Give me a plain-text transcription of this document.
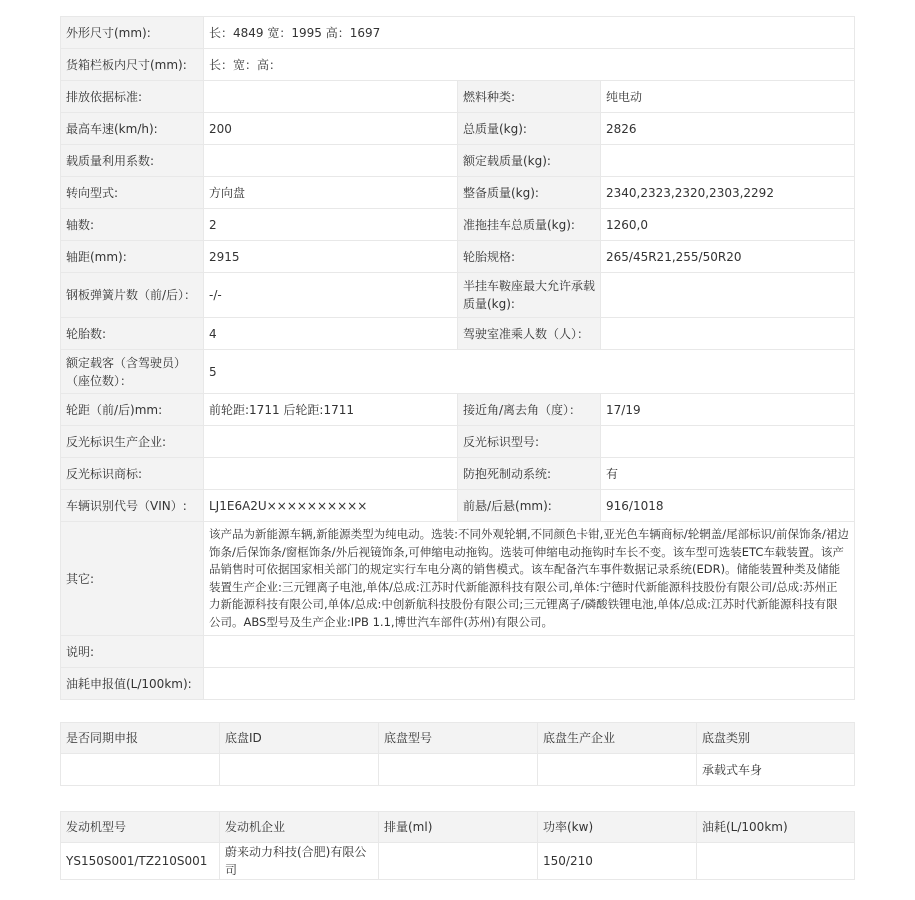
外形尺寸(mm):	长：4849 宽：1995 高：1697		
货箱栏板内尺寸(mm):	长：宽：高：		
排放依据标准:		燃料种类:	纯电动
最高车速(km/h):	200	总质量(kg):	2826
载质量利用系数:		额定载质量(kg):	
转向型式:	方向盘	整备质量(kg):	2340,2323,2320,2303,2292
轴数:	2	准拖挂车总质量(kg):	1260,0
轴距(mm):	2915	轮胎规格:	265/45R21,255/50R20
钢板弹簧片数（前/后）：	-/-	半挂车鞍座最大允许承载质量(kg):	
轮胎数:	4	驾驶室准乘人数（人）：	
额定载客（含驾驶员）（座位数）：	5		
轮距（前/后)mm:	前轮距:1711 后轮距:1711	接近角/离去角（度）：	17/19
反光标识生产企业:		反光标识型号:	
反光标识商标:		防抱死制动系统:	有
车辆识别代号（VIN）:	LJ1E6A2U××××××××××	前悬/后悬(mm):	916/1018
其它:	该产品为新能源车辆,新能源类型为纯电动。选装:不同外观轮辋,不同颜色卡钳,亚光色车辆商标/轮辋盖/尾部标识/前保饰条/裙边饰条/后保饰条/窗框饰条/外后视镜饰条,可伸缩电动拖钩。选装可伸缩电动拖钩时车长不变。该车型可选装ETC车载装置。该产品销售时可依据国家相关部门的规定实行车电分离的销售模式。该车配备汽车事件数据记录系统(EDR)。储能装置种类及储能装置生产企业:三元锂离子电池,单体/总成:江苏时代新能源科技有限公司,单体:宁德时代新能源科技股份有限公司/总成:苏州正力新能源科技有限公司,单体/总成:中创新航科技股份有限公司;三元锂离子/磷酸铁锂电池,单体/总成:江苏时代新能源科技有限公司。ABS型号及生产企业:IPB 1.1,博世汽车部件(苏州)有限公司。		
说明:			
油耗申报值(L/100km):			
是否同期申报	底盘ID	底盘型号	底盘生产企业	底盘类别
				承载式车身
发动机型号	发动机企业	排量(ml)	功率(kw)	油耗(L/100km)
YS150S001/TZ210S001	蔚来动力科技(合肥)有限公司		150/210	
